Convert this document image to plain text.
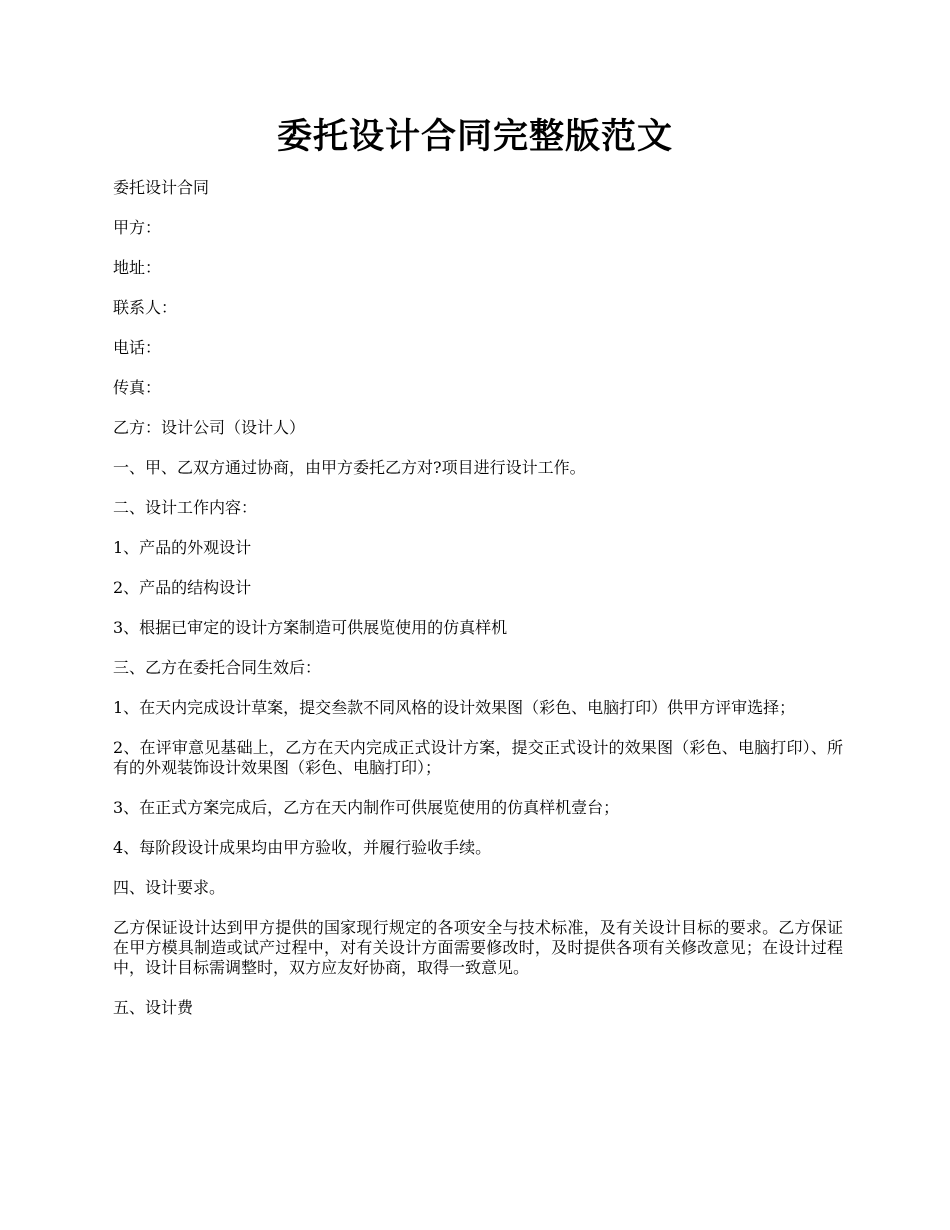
委托设计合同完整版范文

委托设计合同

甲方：

地址：

联系人：

电话：

传真：

乙方：设计公司（设计人）

一、甲、乙双方通过协商，由甲方委托乙方对?项目进行设计工作。

二、设计工作内容：

1、产品的外观设计

2、产品的结构设计

3、根据已审定的设计方案制造可供展览使用的仿真样机

三、乙方在委托合同生效后：

1、在天内完成设计草案，提交叁款不同风格的设计效果图（彩色、电脑打印）供甲方评审选择；

2、在评审意见基础上，乙方在天内完成正式设计方案，提交正式设计的效果图（彩色、电脑打印）、所有的外观装饰设计效果图（彩色、电脑打印）；

3、在正式方案完成后，乙方在天内制作可供展览使用的仿真样机壹台；

4、每阶段设计成果均由甲方验收，并履行验收手续。

四、设计要求。

乙方保证设计达到甲方提供的国家现行规定的各项安全与技术标准，及有关设计目标的要求。乙方保证在甲方模具制造或试产过程中，对有关设计方面需要修改时，及时提供各项有关修改意见；在设计过程中，设计目标需调整时，双方应友好协商，取得一致意见。

五、设计费
